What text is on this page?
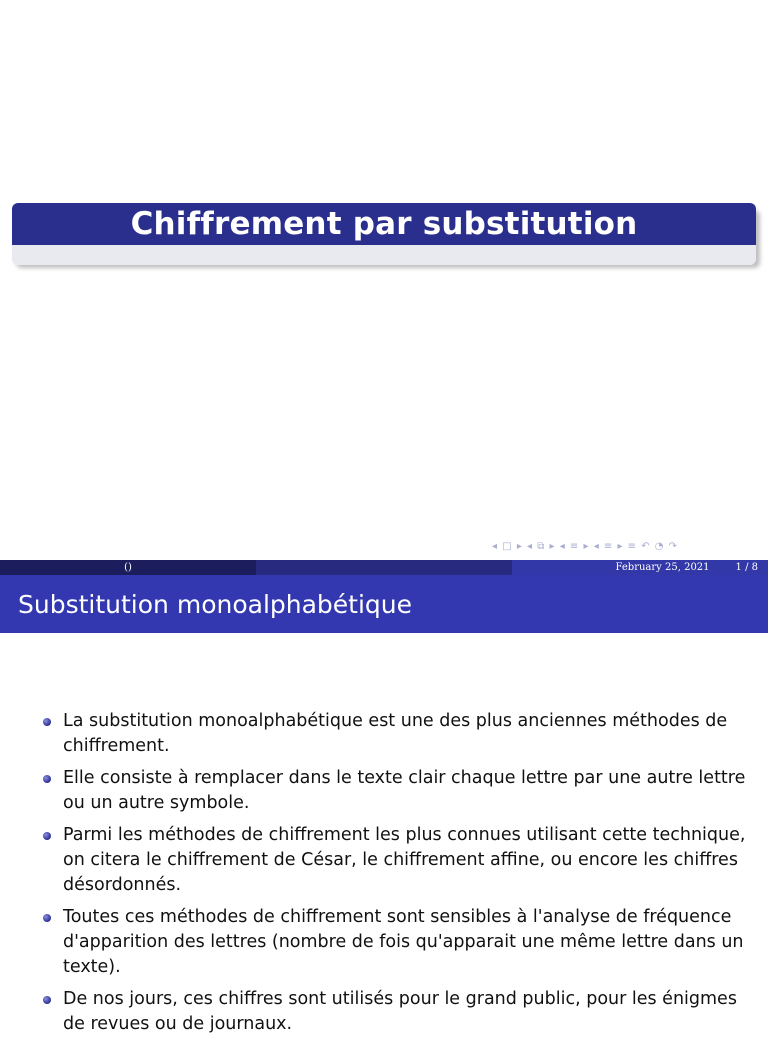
Chiffrement par substitution
◂ □ ▸ ◂ ⧉ ▸ ◂ ≡ ▸ ◂ ≡ ▸ ≡ ↶ ◔ ↷
()	February 25, 2021	1 / 8
Substitution monoalphabétique
La substitution monoalphabétique est une des plus anciennes méthodes de chiffrement.
Elle consiste à remplacer dans le texte clair chaque lettre par une autre lettre ou un autre symbole.
Parmi les méthodes de chiffrement les plus connues utilisant cette technique, on citera le chiffrement de César, le chiffrement affine, ou encore les chiffres désordonnés.
Toutes ces méthodes de chiffrement sont sensibles à l'analyse de fréquence d'apparition des lettres (nombre de fois qu'apparait une même lettre dans un texte).
De nos jours, ces chiffres sont utilisés pour le grand public, pour les énigmes de revues ou de journaux.
